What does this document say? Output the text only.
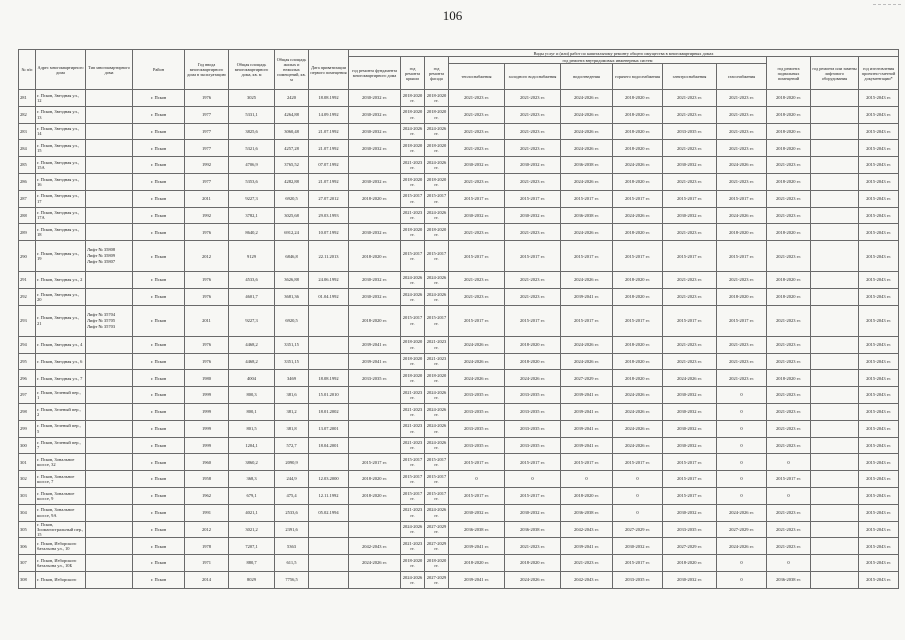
106
№ п/п	Адрес многоквартирного дома	Тип многоквартирного дома	Район	Год ввода многоквартирного дома в эксплуатацию	Общая площадь многоквартирного дома, кв. м	Общая площадь жилых и нежилых помещений, кв. м	Дата приватизации первого помещения	Виды услуг и (или) работ по капитальному ремонту общего имущества в многоквартирных домах											
								год ремонта фундамента многоквартирного дома	год ремонта крыши	год ремонта фасада	год ремонта внутридомовых инженерных систем						год ремонта подвальных помещений	год ремонта или замены лифтового оборудования	год изготовления проектно-сметной документации*
											теплоснабжения	холодного водоснабжения	водоотведения	горячего водоснабжения	электроснабжения	газоснабжения			
281	г. Псков, Звездная ул., 12		г. Псков	1976	3025	2420	18.08.1992	2030-2032 гг.	2018-2020 гг.	2018-2020 гг.	2021-2023 гг.	2021-2023 гг.	2024-2026 гг.	2018-2020 гг.	2021-2023 гг.	2021-2023 гг.	2018-2020 гг.		2015-2043 гг.
282	г. Псков, Звездная ул., 13		г. Псков	1977	5331,1	4264,88	14.09.1992	2030-2032 гг.	2018-2020 гг.	2018-2020 гг.	2021-2023 гг.	2021-2023 гг.	2024-2026 гг.	2018-2020 гг.	2021-2023 гг.	2021-2023 гг.	2018-2020 гг.		2015-2043 гг.
283	г. Псков, Звездная ул., 14		г. Псков	1977	3825,6	3060,48	21.07.1992	2030-2032 гг.	2024-2026 гг.	2024-2026 гг.	2021-2023 гг.	2021-2023 гг.	2024-2026 гг.	2018-2020 гг.	2033-2035 гг.	2021-2023 гг.	2018-2020 гг.		2015-2043 гг.
284	г. Псков, Звездная ул., 15		г. Псков	1977	5321,6	4257,28	21.07.1992	2030-2032 гг.	2018-2020 гг.	2018-2020 гг.	2021-2023 гг.	2021-2023 гг.	2024-2026 гг.	2018-2020 гг.	2021-2023 гг.	2021-2023 гг.	2018-2020 гг.		2015-2043 гг.
285	г. Псков, Звездная ул., 15А		г. Псков	1992	4706,9	3765,52	07.07.1992		2021-2023 гг.	2024-2026 гг.	2030-2032 гг.	2030-2032 гг.	2036-2038 гг.	2024-2026 гг.	2030-2032 гг.	2024-2026 гг.	2021-2023 гг.		2015-2043 гг.
286	г. Псков, Звездная ул., 16		г. Псков	1977	5353,6	4282,88	21.07.1992	2030-2032 гг.	2018-2020 гг.	2018-2020 гг.	2021-2023 гг.	2021-2023 гг.	2024-2026 гг.	2018-2020 гг.	2021-2023 гг.	2021-2023 гг.	2018-2020 гг.		2015-2043 гг.
287	г. Псков, Звездная ул., 17		г. Псков	2011	9227,3	6920,5	27.07.2012	2018-2020 гг.	2015-2017 гг.	2015-2017 гг.	2015-2017 гг.	2015-2017 гг.	2015-2017 гг.	2015-2017 гг.	2015-2017 гг.	2015-2017 гг.	2021-2023 гг.		2015-2043 гг.
288	г. Псков, Звездная ул., 17А		г. Псков	1992	3782,1	3025,68	29.03.1993		2021-2023 гг.	2024-2026 гг.	2030-2032 гг.	2030-2032 гг.	2036-2038 гг.	2024-2026 гг.	2030-2032 гг.	2024-2026 гг.	2021-2023 гг.		2015-2043 гг.
289	г. Псков, Звездная ул., 18		г. Псков	1976	8640,2	6912,24	10.07.1992	2030-2032 гг.	2018-2020 гг.	2018-2020 гг.	2021-2023 гг.	2021-2023 гг.	2024-2026 гг.	2018-2020 гг.	2021-2023 гг.	2018-2020 гг.	2018-2020 гг.		2015-2043 гг.
290	г. Псков, Звездная ул., 19	Лифт № 35808
Лифт № 35809
Лифт № 35807	г. Псков	2012	9129	6846,8	22.11.2013	2018-2020 гг.	2015-2017 гг.	2015-2017 гг.	2015-2017 гг.	2015-2017 гг.	2015-2017 гг.	2015-2017 гг.	2015-2017 гг.	2015-2017 гг.	2021-2023 гг.		2015-2043 гг.
291	г. Псков, Звездная ул., 2		г. Псков	1976	4533,6	3626,88	24.06.1992	2030-2032 гг.	2024-2026 гг.	2024-2026 гг.	2021-2023 гг.	2021-2023 гг.	2024-2026 гг.	2018-2020 гг.	2021-2023 гг.	2021-2023 гг.	2018-2020 гг.		2015-2043 гг.
292	г. Псков, Звездная ул., 20		г. Псков	1976	4601,7	3681,36	01.04.1992	2030-2032 гг.	2024-2026 гг.	2024-2026 гг.	2021-2023 гг.	2021-2023 гг.	2039-2041 гг.	2018-2020 гг.	2021-2023 гг.	2018-2020 гг.	2018-2020 гг.		2015-2043 гг.
293	г. Псков, Звездная ул., 21	Лифт № 35704
Лифт № 35705
Лифт № 35703	г. Псков	2011	9227,3	6920,5		2018-2020 гг.	2015-2017 гг.	2015-2017 гг.	2015-2017 гг.	2015-2017 гг.	2015-2017 гг.	2015-2017 гг.	2015-2017 гг.	2015-2017 гг.	2021-2023 гг.		2015-2043 гг.
294	г. Псков, Звездная ул., 4		г. Псков	1976	4468,2	3351,15		2039-2041 гг.	2018-2020 гг.	2021-2023 гг.	2024-2026 гг.	2018-2020 гг.	2024-2026 гг.	2018-2020 гг.	2021-2023 гг.	2021-2023 гг.	2021-2023 гг.		2015-2043 гг.
295	г. Псков, Звездная ул., 6		г. Псков	1976	4468,2	3351,15		2039-2041 гг.	2018-2020 гг.	2021-2023 гг.	2024-2026 гг.	2018-2020 гг.	2024-2026 гг.	2018-2020 гг.	2021-2023 гг.	2021-2023 гг.	2021-2023 гг.		2015-2043 гг.
296	г. Псков, Звездная ул., 7		г. Псков	1980	4004	3469	18.08.1992	2033-2035 гг.	2018-2020 гг.	2018-2020 гг.	2024-2026 гг.	2024-2026 гг.	2027-2029 гг.	2018-2020 гг.	2024-2026 гг.	2021-2023 гг.	2018-2020 гг.		2015-2043 гг.
297	г. Псков, Зеленый пер., 1		г. Псков	1999	800,3	381,6	15.01.2010		2021-2023 гг.	2024-2026 гг.	2033-2035 гг.	2033-2035 гг.	2039-2041 гг.	2024-2026 гг.	2030-2032 гг.	0	2021-2023 гг.		2015-2043 гг.
298	г. Псков, Зеленый пер., 2		г. Псков	1999	800,1	381,2	18.01.2002		2021-2023 гг.	2024-2026 гг.	2033-2035 гг.	2033-2035 гг.	2039-2041 гг.	2024-2026 гг.	2030-2032 гг.	0	2021-2023 гг.		2015-2043 гг.
299	г. Псков, Зеленый пер., 5		г. Псков	1999	801,5	381,8	13.07.2001		2021-2023 гг.	2024-2026 гг.	2033-2035 гг.	2033-2035 гг.	2039-2041 гг.	2024-2026 гг.	2030-2032 гг.	0	2021-2023 гг.		2015-2043 гг.
300	г. Псков, Зеленый пер., 7		г. Псков	1999	1204,1	572,7	18.04.2001		2021-2023 гг.	2024-2026 гг.	2033-2035 гг.	2033-2035 гг.	2039-2041 гг.	2024-2026 гг.	2030-2032 гг.	0	2021-2023 гг.		2015-2043 гг.
301	г. Псков, Зональное шоссе, 32		г. Псков	1960	3860,2	2090,9		2015-2017 гг.	2015-2017 гг.	2015-2017 гг.	2015-2017 гг.	2015-2017 гг.	2015-2017 гг.	2015-2017 гг.	2015-2017 гг.	0	0		2015-2043 гг.
302	г. Псков, Зональное шоссе, 7		г. Псков	1958	368,3	244,9	12.03.2000	2018-2020 гг.	2015-2017 гг.	2015-2017 гг.	0	0	0	0	2015-2017 гг.	0	2015-2017 гг.		2015-2043 гг.
303	г. Псков, Зональное шоссе, 9		г. Псков	1962	679,1	475,4	12.11.1992	2018-2020 гг.	2015-2017 гг.	2015-2017 гг.	2015-2017 гг.	2015-2017 гг.	2018-2020 гг.	0	2015-2017 гг.	0	0		2015-2043 гг.
304	г. Псков, Зональное шоссе, 9А		г. Псков	1991	4021,1	2533,6	05.02.1994		2021-2023 гг.	2024-2026 гг.	2030-2032 гг.	2030-2032 гг.	2036-2038 гг.	0	2030-2032 гг.	2024-2026 гг.	2021-2023 гг.		2015-2043 гг.
305	г. Псков, Зоомагистральный пер., 15		г. Псков	2012	3021,2	2391,6			2024-2026 гг.	2027-2029 гг.	2036-2038 гг.	2036-2038 гг.	2042-2043 гг.	2027-2029 гг.	2033-2035 гг.	2027-2029 гг.	2021-2023 гг.		2015-2043 гг.
306	г. Псков, Изборского батальона ул., 10		г. Псков	1978	7207,1	5363		2042-2043 гг.	2021-2023 гг.	2027-2029 гг.	2039-2041 гг.	2021-2023 гг.	2039-2041 гг.	2030-2032 гг.	2027-2029 гг.	2024-2026 гг.	2021-2023 гг.		2015-2043 гг.
307	г. Псков, Изборского батальона ул., 10Б		г. Псков	1971	880,7	611,5		2024-2026 гг.	2018-2020 гг.	2018-2020 гг.	2018-2020 гг.	2018-2020 гг.	2021-2023 гг.	2015-2017 гг.	2018-2020 гг.	0	0		2015-2043 гг.
308	г. Псков, Изборского		г. Псков	2014	8029	7756,5			2024-2026 гг.	2027-2029 гг.	2039-2041 гг.	2024-2026 гг.	2042-2043 гг.	2033-2035 гг.	2030-2032 гг.	0	2036-2038 гг.		2015-2043 гг.
